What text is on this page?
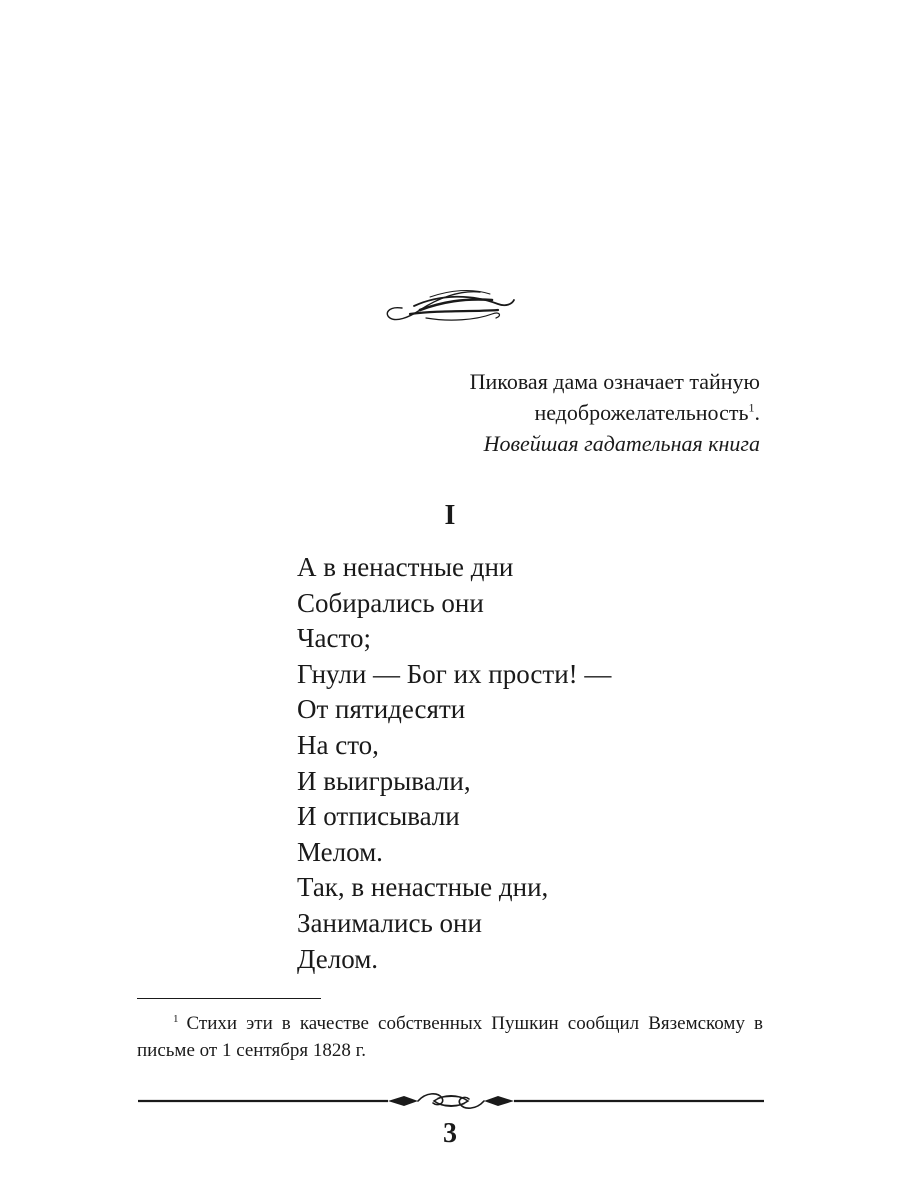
Пиковая дама означает тайную
недоброжелательность$^1$.
Новейшая гадательная книга
I
А в ненастные дни
Собирались они
Часто;
Гнули — Бог их прости! —
От пятидесяти
На сто,
И выигрывали,
И отписывали
Мелом.
Так, в ненастные дни,
Занимались они
Делом.

$^1$ Стихи эти в качестве собственных Пушкин сообщил Вяземскому в письме от 1 сентября 1828 г.

3
